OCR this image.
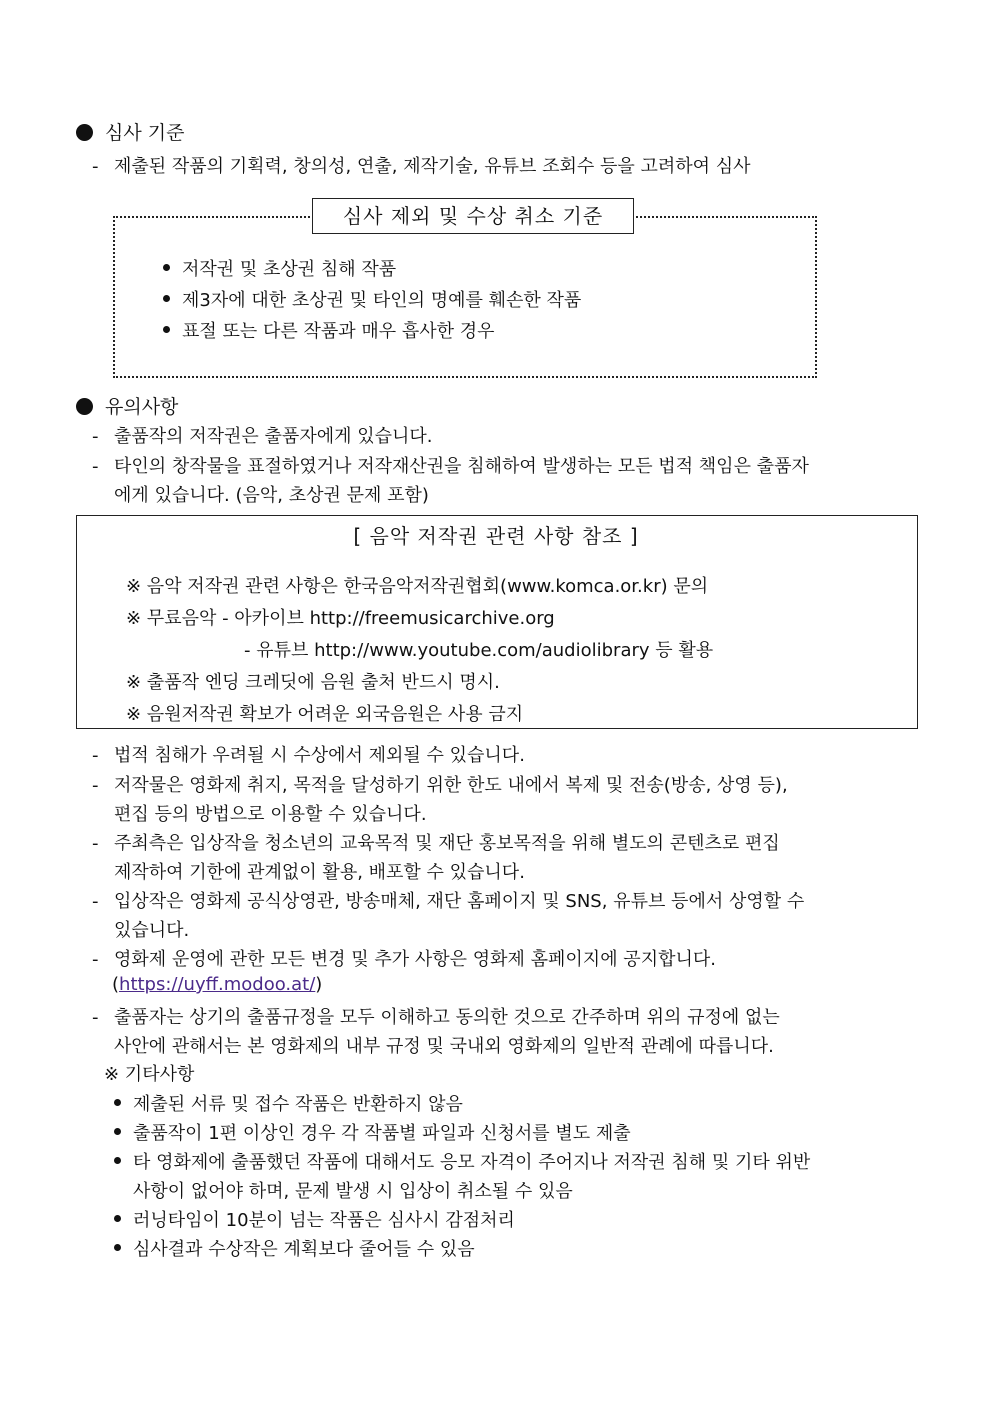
심사 기준
- 제출된 작품의 기획력, 창의성, 연출, 제작기술, 유튜브 조회수 등을 고려하여 심사
심사 제외 및 수상 취소 기준
저작권 및 초상권 침해 작품
제3자에 대한 초상권 및 타인의 명예를 훼손한 작품
표절 또는 다른 작품과 매우 흡사한 경우
유의사항
- 출품작의 저작권은 출품자에게 있습니다.
- 타인의 창작물을 표절하였거나 저작재산권을 침해하여 발생하는 모든 법적 책임은 출품자
에게 있습니다. (음악, 초상권 문제 포함)
[ 음악 저작권 관련 사항 참조 ]
※ 음악 저작권 관련 사항은 한국음악저작권협회(www.komca.or.kr) 문의
※ 무료음악 - 아카이브 http://freemusicarchive.org
- 유튜브 http://www.youtube.com/audiolibrary 등 활용
※ 출품작 엔딩 크레딧에 음원 출처 반드시 명시.
※ 음원저작권 확보가 어려운 외국음원은 사용 금지
- 법적 침해가 우려될 시 수상에서 제외될 수 있습니다.
- 저작물은 영화제 취지, 목적을 달성하기 위한 한도 내에서 복제 및 전송(방송, 상영 등),
편집 등의 방법으로 이용할 수 있습니다.
- 주최측은 입상작을 청소년의 교육목적 및 재단 홍보목적을 위해 별도의 콘텐츠로 편집
제작하여 기한에 관계없이 활용, 배포할 수 있습니다.
- 입상작은 영화제 공식상영관, 방송매체, 재단 홈페이지 및 SNS, 유튜브 등에서 상영할 수
있습니다.
- 영화제 운영에 관한 모든 변경 및 추가 사항은 영화제 홈페이지에 공지합니다.
(https://uyff.modoo.at/)
- 출품자는 상기의 출품규정을 모두 이해하고 동의한 것으로 간주하며 위의 규정에 없는
사안에 관해서는 본 영화제의 내부 규정 및 국내외 영화제의 일반적 관례에 따릅니다.
※ 기타사항
제출된 서류 및 접수 작품은 반환하지 않음
출품작이 1편 이상인 경우 각 작품별 파일과 신청서를 별도 제출
타 영화제에 출품했던 작품에 대해서도 응모 자격이 주어지나 저작권 침해 및 기타 위반
사항이 없어야 하며, 문제 발생 시 입상이 취소될 수 있음
러닝타임이 10분이 넘는 작품은 심사시 감점처리
심사결과 수상작은 계획보다 줄어들 수 있음
